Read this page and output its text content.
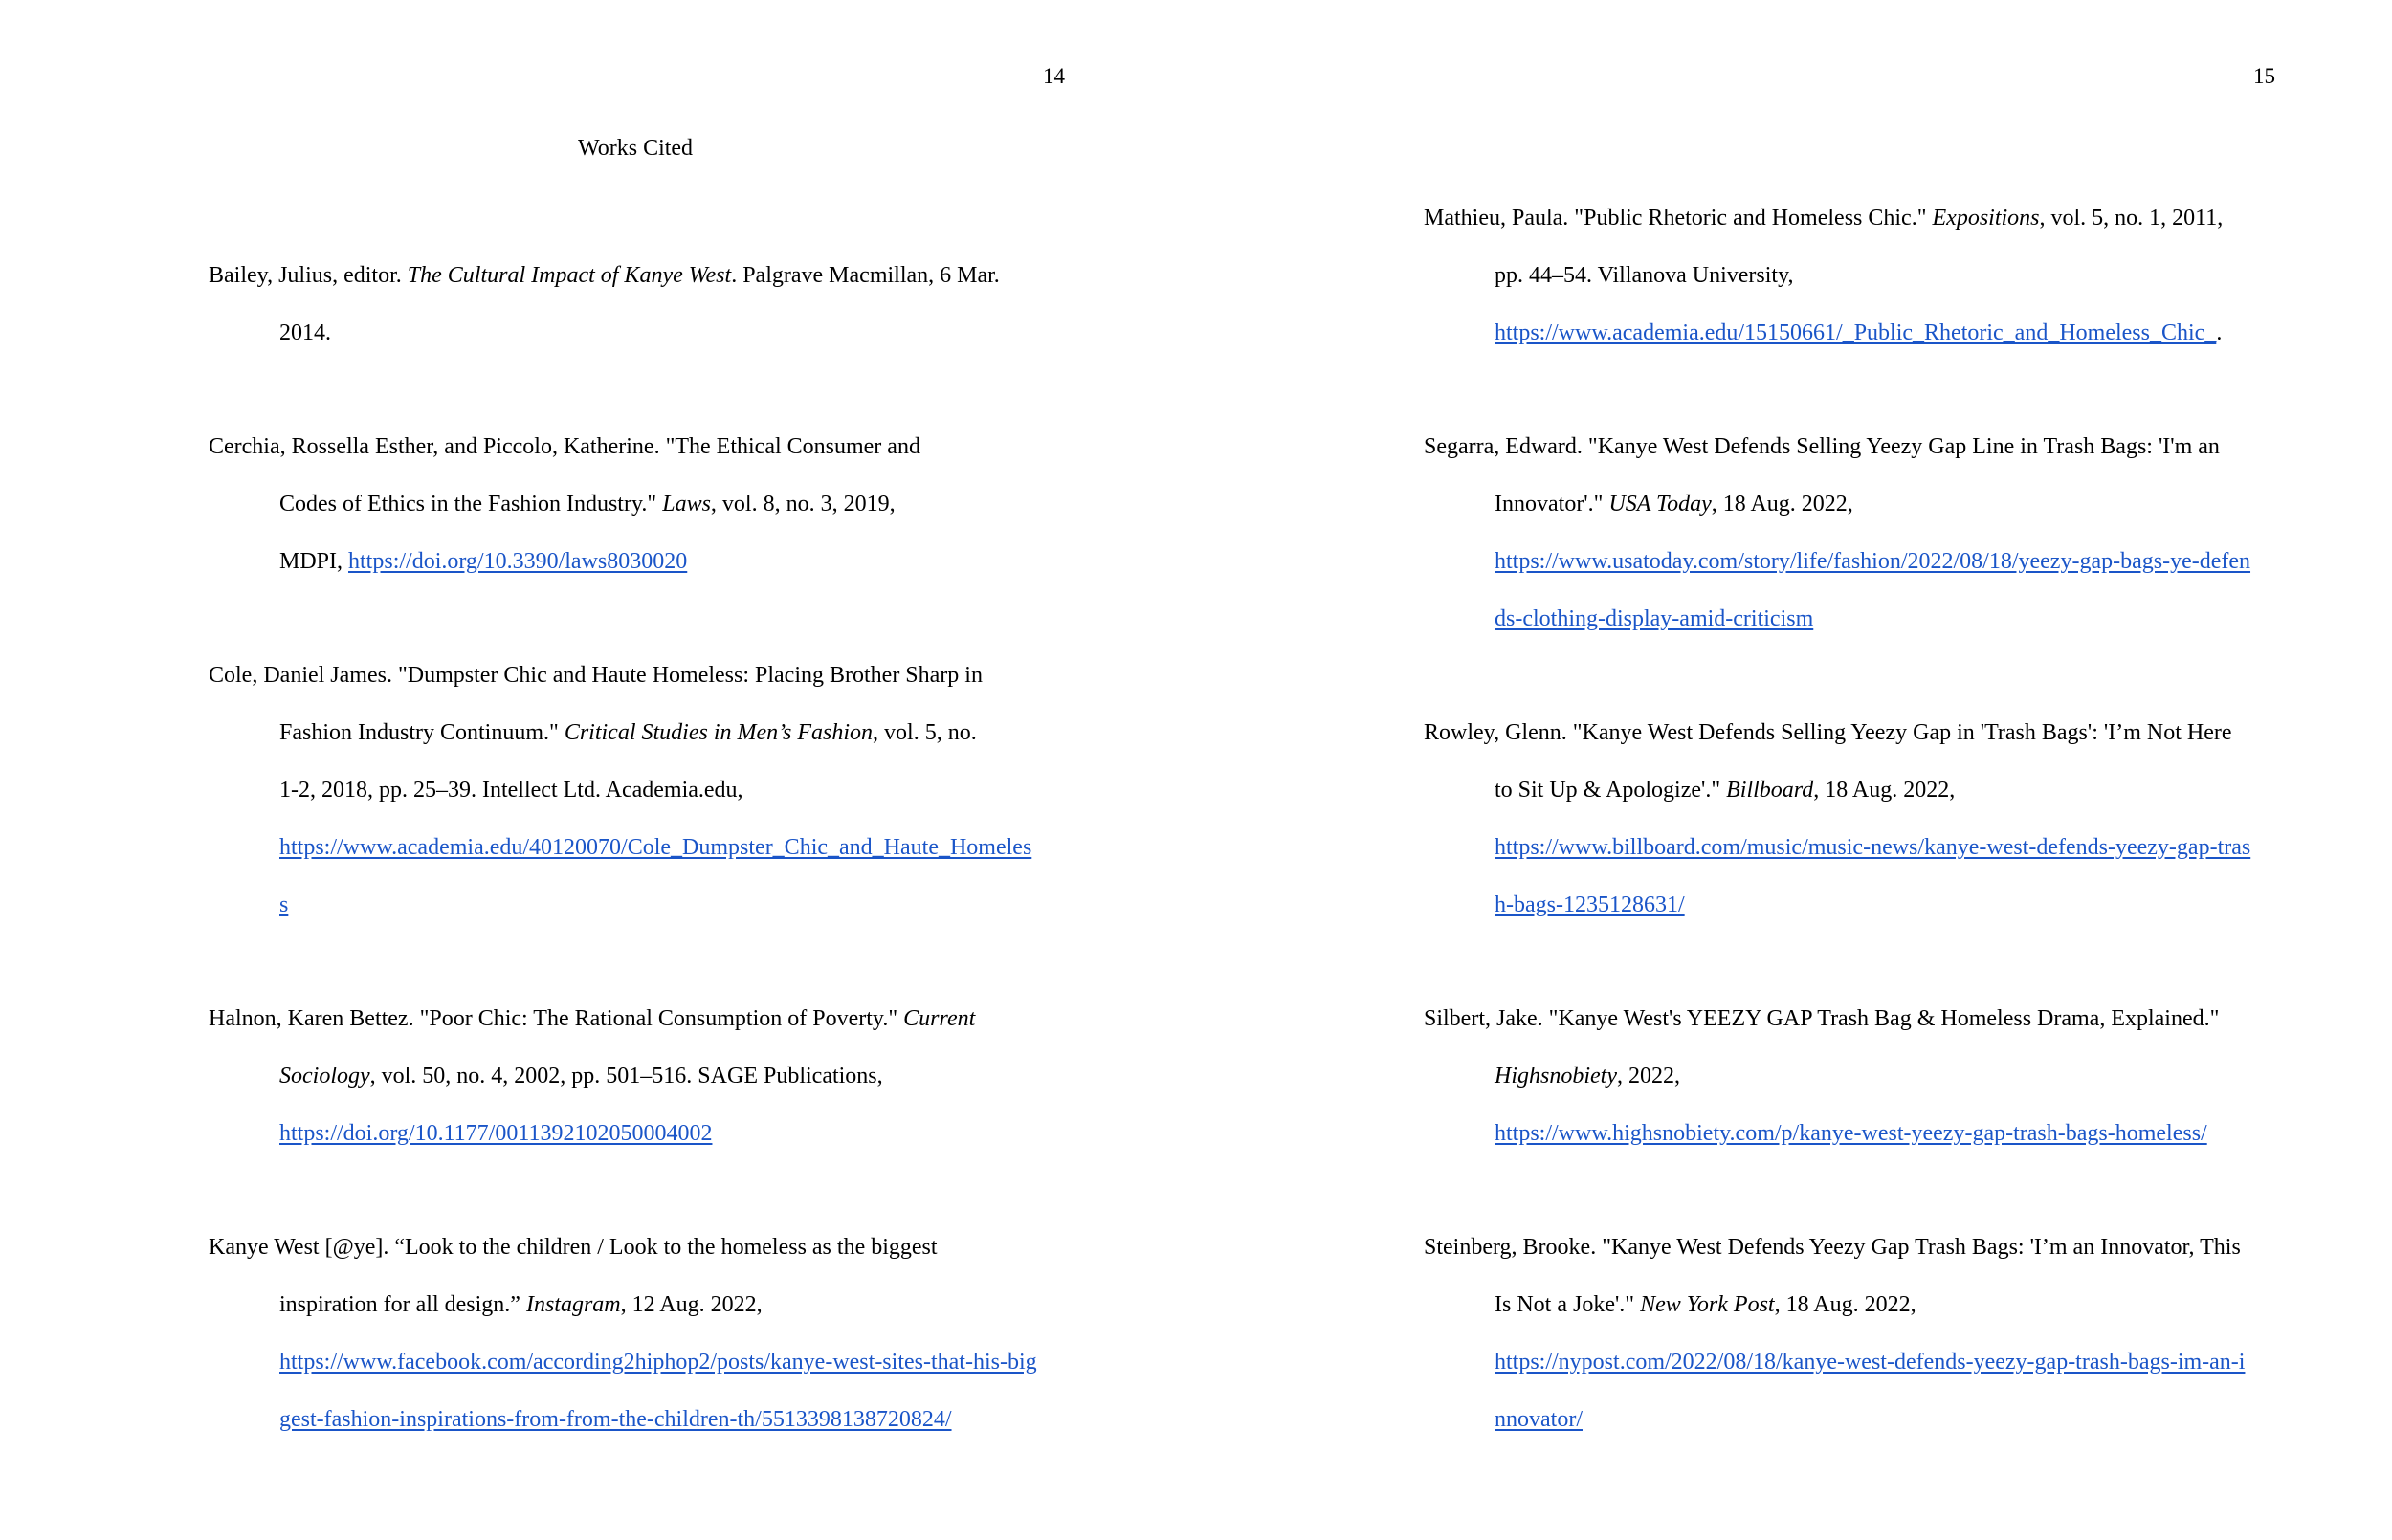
14
Works Cited
Bailey, Julius, editor. The Cultural Impact of Kanye West. Palgrave Macmillan, 6 Mar.
2014.
Cerchia, Rossella Esther, and Piccolo, Katherine. "The Ethical Consumer and
Codes of Ethics in the Fashion Industry." Laws, vol. 8, no. 3, 2019,
MDPI, https://doi.org/10.3390/laws8030020
Cole, Daniel James. "Dumpster Chic and Haute Homeless: Placing Brother Sharp in
Fashion Industry Continuum." Critical Studies in Men’s Fashion, vol. 5, no.
1-2, 2018, pp. 25–39. Intellect Ltd. Academia.edu,
https://www.academia.edu/40120070/Cole_Dumpster_Chic_and_Haute_Homeles
s
Halnon, Karen Bettez. "Poor Chic: The Rational Consumption of Poverty." Current
Sociology, vol. 50, no. 4, 2002, pp. 501–516. SAGE Publications,
https://doi.org/10.1177/0011392102050004002
Kanye West [@ye]. “Look to the children / Look to the homeless as the biggest
inspiration for all design.” Instagram, 12 Aug. 2022,
https://www.facebook.com/according2hiphop2/posts/kanye-west-sites-that-his-big
gest-fashion-inspirations-from-from-the-children-th/5513398138720824/
15
Mathieu, Paula. "Public Rhetoric and Homeless Chic." Expositions, vol. 5, no. 1, 2011,
pp. 44–54. Villanova University,
https://www.academia.edu/15150661/_Public_Rhetoric_and_Homeless_Chic_.
Segarra, Edward. "Kanye West Defends Selling Yeezy Gap Line in Trash Bags: 'I'm an
Innovator'." USA Today, 18 Aug. 2022,
https://www.usatoday.com/story/life/fashion/2022/08/18/yeezy-gap-bags-ye-defen
ds-clothing-display-amid-criticism
Rowley, Glenn. "Kanye West Defends Selling Yeezy Gap in 'Trash Bags': 'I’m Not Here
to Sit Up & Apologize'." Billboard, 18 Aug. 2022,
https://www.billboard.com/music/music-news/kanye-west-defends-yeezy-gap-tras
h-bags-1235128631/
Silbert, Jake. "Kanye West's YEEZY GAP Trash Bag & Homeless Drama, Explained."
Highsnobiety, 2022,
https://www.highsnobiety.com/p/kanye-west-yeezy-gap-trash-bags-homeless/
Steinberg, Brooke. "Kanye West Defends Yeezy Gap Trash Bags: 'I’m an Innovator, This
Is Not a Joke'." New York Post, 18 Aug. 2022,
https://nypost.com/2022/08/18/kanye-west-defends-yeezy-gap-trash-bags-im-an-i
nnovator/
